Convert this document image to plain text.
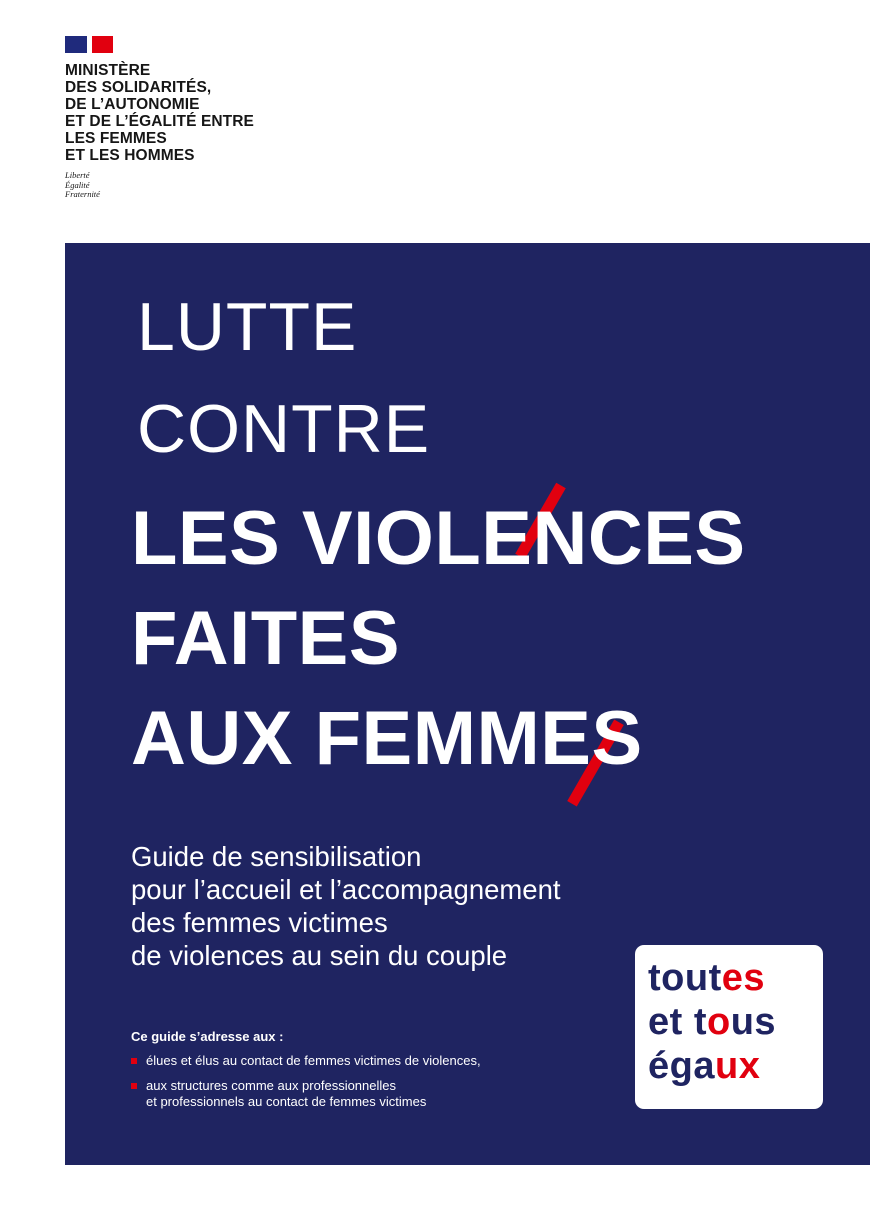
MINISTÈRE
DES SOLIDARITÉS,
DE L’AUTONOMIE
ET DE L’ÉGALITÉ ENTRE
LES FEMMES
ET LES HOMMES
Liberté
Égalité
Fraternité
LUTTE
CONTRE
LES VIOLENCES
FAITES
AUX FEMMES
Guide de sensibilisation
pour l’accueil et l’accompagnement
des femmes victimes
de violences au sein du couple
Ce guide s’adresse aux :
élues et élus au contact de femmes victimes de violences,
aux structures comme aux professionnelles
et professionnels au contact de femmes victimes
toutes
et tous
égaux
